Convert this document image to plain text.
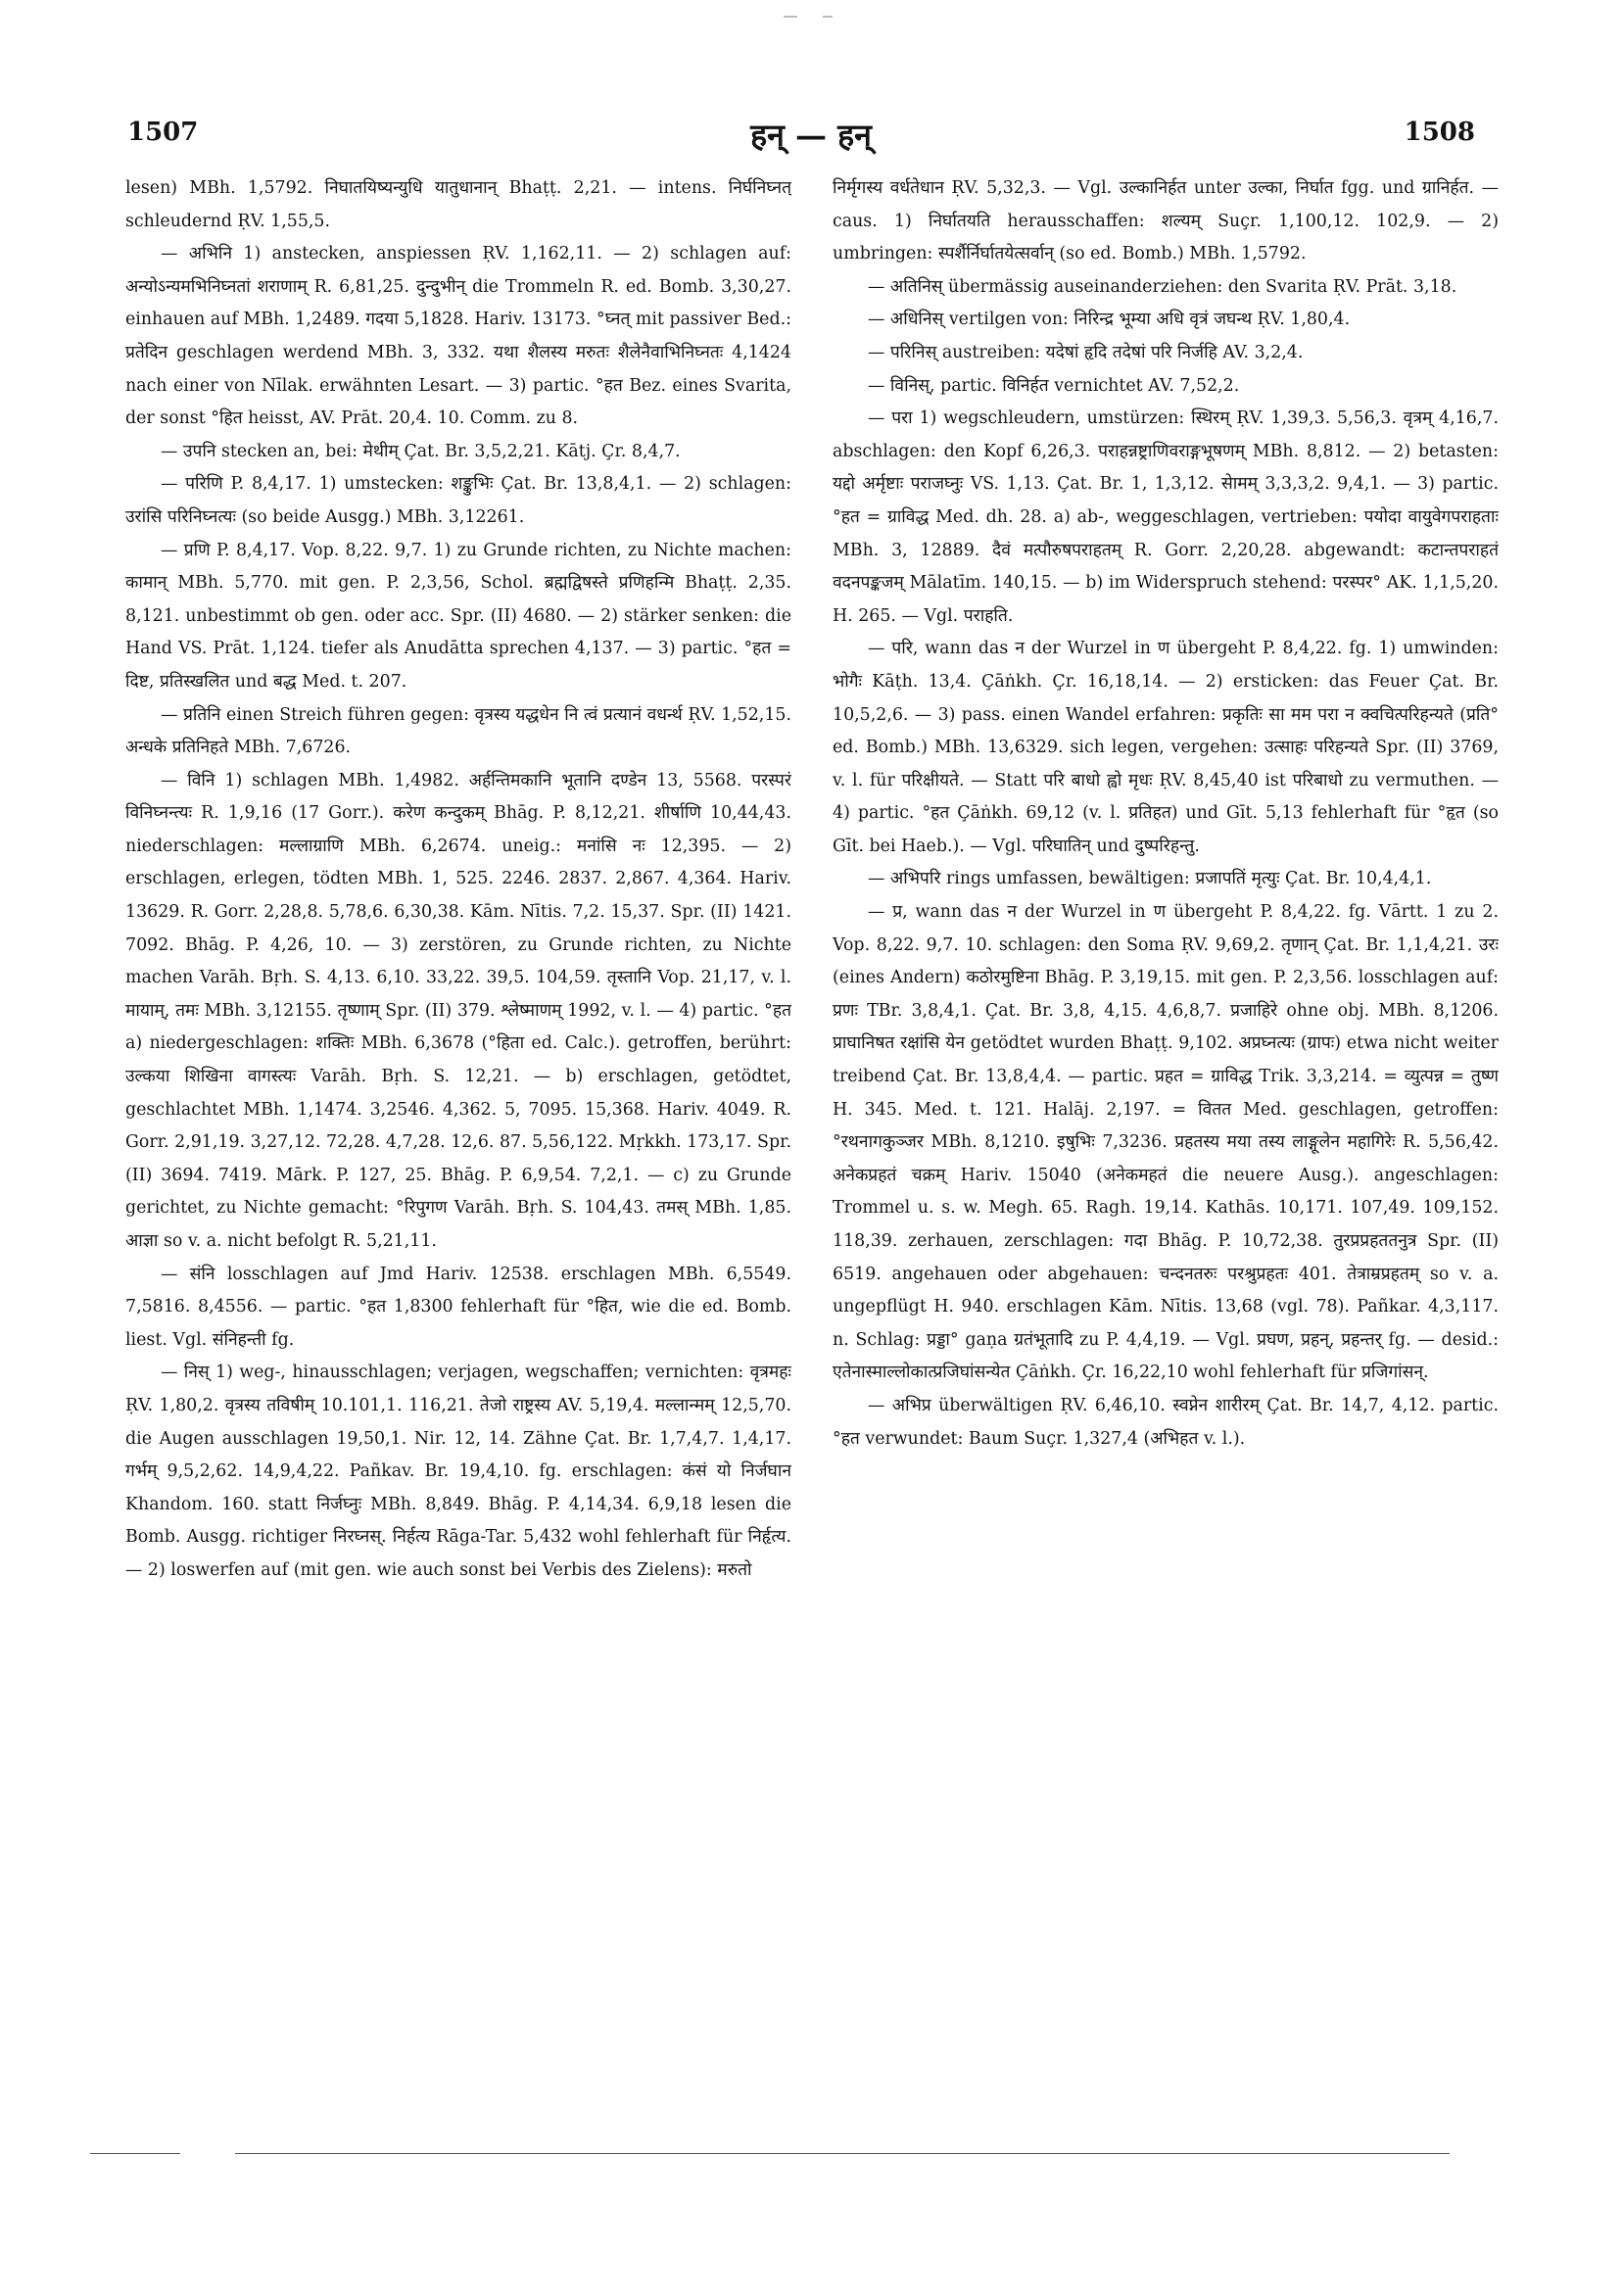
1507	हन् — हन्	1508

lesen) MBh. 1,5792. निघातयिष्यन्युधि यातुधानान् Bhaṭṭ. 2,21. — intens. निर्घनिघ्नत् schleudernd ṚV. 1,55,5.

— अभिनि 1) anstecken, anspiessen ṚV. 1,162,11. — 2) schlagen auf: अन्योऽन्यमभिनिघ्नतां शराणाम् R. 6,81,25. दुन्दुभीन् die Trommeln R. ed. Bomb. 3,30,27. einhauen auf MBh. 1,2489. गदया 5,1828. Hariv. 13173. °घ्नत् mit passiver Bed.: प्रतेदिन geschlagen werdend MBh. 3, 332. यथा शैलस्य मरुतः शैलेनैवाभिनिघ्नतः 4,1424 nach einer von Nīlak. erwähnten Lesart. — 3) partic. °हत Bez. eines Svarita, der sonst °हित heisst, AV. Prāt. 20,4. 10. Comm. zu 8.

— उपनि stecken an, bei: मेथीम् Çat. Br. 3,5,2,21. Kātj. Çr. 8,4,7.

— परिणि P. 8,4,17. 1) umstecken: शङ्कुभिः Çat. Br. 13,8,4,1. — 2) schlagen: उरांसि परिनिघ्नत्यः (so beide Ausgg.) MBh. 3,12261.

— प्रणि P. 8,4,17. Vop. 8,22. 9,7. 1) zu Grunde richten, zu Nichte machen: कामान् MBh. 5,770. mit gen. P. 2,3,56, Schol. ब्रह्मद्विषस्ते प्रणिहन्मि Bhaṭṭ. 2,35. 8,121. unbestimmt ob gen. oder acc. Spr. (II) 4680. — 2) stärker senken: die Hand VS. Prāt. 1,124. tiefer als Anudātta sprechen 4,137. — 3) partic. °हत = दिष्ट, प्रतिस्खलित und बद्ध Med. t. 207.

— प्रतिनि einen Streich führen gegen: वृत्रस्य यद्धधेन नि त्वं प्रत्यानं वधर्न्थ ṚV. 1,52,15. अन्धके प्रतिनिहते MBh. 7,6726.

— विनि 1) schlagen MBh. 1,4982. अर्हन्तिमकानि भूतानि दण्डेन 13, 5568. परस्परं विनिघ्नन्त्यः R. 1,9,16 (17 Gorr.). करेण कन्दुकम् Bhāg. P. 8,12,21. शीर्षाणि 10,44,43. niederschlagen: मल्लाग्राणि MBh. 6,2674. uneig.: मनांसि नः 12,395. — 2) erschlagen, erlegen, tödten MBh. 1, 525. 2246. 2837. 2,867. 4,364. Hariv. 13629. R. Gorr. 2,28,8. 5,78,6. 6,30,38. Kām. Nītis. 7,2. 15,37. Spr. (II) 1421. 7092. Bhāg. P. 4,26, 10. — 3) zerstören, zu Grunde richten, zu Nichte machen Varāh. Bṛh. S. 4,13. 6,10. 33,22. 39,5. 104,59. तृस्तानि Vop. 21,17, v. l. मायाम्, तमः MBh. 3,12155. तृष्णाम् Spr. (II) 379. श्लेष्माणम् 1992, v. l. — 4) partic. °हत a) niedergeschlagen: शक्तिः MBh. 6,3678 (°हिता ed. Calc.). getroffen, berührt: उल्कया शिखिना वागस्त्यः Varāh. Bṛh. S. 12,21. — b) erschlagen, getödtet, geschlachtet MBh. 1,1474. 3,2546. 4,362. 5, 7095. 15,368. Hariv. 4049. R. Gorr. 2,91,19. 3,27,12. 72,28. 4,7,28. 12,6. 87. 5,56,122. Mṛkkh. 173,17. Spr. (II) 3694. 7419. Mārk. P. 127, 25. Bhāg. P. 6,9,54. 7,2,1. — c) zu Grunde gerichtet, zu Nichte gemacht: °रिपुगण Varāh. Bṛh. S. 104,43. तमस् MBh. 1,85. आज्ञा so v. a. nicht befolgt R. 5,21,11.

— संनि losschlagen auf Jmd Hariv. 12538. erschlagen MBh. 6,5549. 7,5816. 8,4556. — partic. °हत 1,8300 fehlerhaft für °हित, wie die ed. Bomb. liest. Vgl. संनिहन्ती fg.

— निस् 1) weg-, hinausschlagen; verjagen, wegschaffen; vernichten: वृत्रमहः ṚV. 1,80,2. वृत्रस्य तविषीम् 10.101,1. 116,21. तेजो राष्ट्रस्य AV. 5,19,4. मल्लान्मम् 12,5,70. die Augen ausschlagen 19,50,1. Nir. 12, 14. Zähne Çat. Br. 1,7,4,7. 1,4,17. गर्भम् 9,5,2,62. 14,9,4,22. Pañkav. Br. 19,4,10. fg. erschlagen: कंसं यो निर्जघान Khandom. 160. statt निर्जघ्नुः MBh. 8,849. Bhāg. P. 4,14,34. 6,9,18 lesen die Bomb. Ausgg. richtiger निरघ्नस्. निर्हत्य Rāga-Tar. 5,432 wohl fehlerhaft für निर्हृत्य. — 2) loswerfen auf (mit gen. wie auch sonst bei Verbis des Zielens): मरुतो

निर्मृगस्य वर्धतेधान ṚV. 5,32,3. — Vgl. उल्कानिर्हत unter उल्का, निर्घात fgg. und ग्रानिर्हत. — caus. 1) निर्घातयति herausschaffen: शल्यम् Suçr. 1,100,12. 102,9. — 2) umbringen: स्पर्शैर्निर्घातयेत्सर्वान् (so ed. Bomb.) MBh. 1,5792.

— अतिनिस् übermässig auseinanderziehen: den Svarita ṚV. Prāt. 3,18.

— अधिनिस् vertilgen von: निरिन्द्र भूम्या अधि वृत्रं जघन्थ ṚV. 1,80,4.

— परिनिस् austreiben: यदेषां हृदि तदेषां परि निर्जहि AV. 3,2,4.

— विनिस्, partic. विनिर्हत vernichtet AV. 7,52,2.

— परा 1) wegschleudern, umstürzen: स्थिरम् ṚV. 1,39,3. 5,56,3. वृत्रम् 4,16,7. abschlagen: den Kopf 6,26,3. पराहन्नष्ट्राणिवराङ्गभूषणम् MBh. 8,812. — 2) betasten: यद्दो अर्मृष्टाः पराजघ्नुः VS. 1,13. Çat. Br. 1, 1,3,12. सेामम् 3,3,3,2. 9,4,1. — 3) partic. °हत = ग्राविद्ध Med. dh. 28. a) ab-, weggeschlagen, vertrieben: पयोदा वायुवेगपराहताः MBh. 3, 12889. दैवं मत्पौरुषपराहतम् R. Gorr. 2,20,28. abgewandt: कटान्तपराहतं वदनपङ्कजम् Mālatīm. 140,15. — b) im Widerspruch stehend: परस्पर° AK. 1,1,5,20. H. 265. — Vgl. पराहति.

— परि, wann das न der Wurzel in ण übergeht P. 8,4,22. fg. 1) umwinden: भोगैः Kāṭh. 13,4. Çāṅkh. Çr. 16,18,14. — 2) ersticken: das Feuer Çat. Br. 10,5,2,6. — 3) pass. einen Wandel erfahren: प्रकृतिः सा मम परा न क्वचित्परिहन्यते (प्रति° ed. Bomb.) MBh. 13,6329. sich legen, vergehen: उत्साहः परिहन्यते Spr. (II) 3769, v. l. für परिक्षीयते. — Statt परि बाधो ह्वो मृधः ṚV. 8,45,40 ist परिबाधो zu vermuthen. — 4) partic. °हत Çāṅkh. 69,12 (v. l. प्रतिहत) und Gīt. 5,13 fehlerhaft für °हृत (so Gīt. bei Haeb.). — Vgl. परिघातिन् und दुष्परिहन्तु.

— अभिपरि rings umfassen, bewältigen: प्रजापतिं मृत्युः Çat. Br. 10,4,4,1.

— प्र, wann das न der Wurzel in ण übergeht P. 8,4,22. fg. Vārtt. 1 zu 2. Vop. 8,22. 9,7. 10. schlagen: den Soma ṚV. 9,69,2. तृणान् Çat. Br. 1,1,4,21. उरः (eines Andern) कठोरमुष्टिना Bhāg. P. 3,19,15. mit gen. P. 2,3,56. losschlagen auf: प्रणः TBr. 3,8,4,1. Çat. Br. 3,8, 4,15. 4,6,8,7. प्रजाहिरे ohne obj. MBh. 8,1206. प्राघानिषत रक्षांसि येन getödtet wurden Bhaṭṭ. 9,102. अप्रघ्नत्यः (ग्रापः) etwa nicht weiter treibend Çat. Br. 13,8,4,4. — partic. प्रहत = ग्राविद्ध Trik. 3,3,214. = व्युत्पन्न = तुष्ण H. 345. Med. t. 121. Halāj. 2,197. = वितत Med. geschlagen, getroffen: °रथनागकुञ्जर MBh. 8,1210. इषुभिः 7,3236. प्रहतस्य मया तस्य लाङ्गूलेन महागिरेः R. 5,56,42. अनेकप्रहतं चक्रम् Hariv. 15040 (अनेकमहतं die neuere Ausg.). angeschlagen: Trommel u. s. w. Megh. 65. Ragh. 19,14. Kathās. 10,171. 107,49. 109,152. 118,39. zerhauen, zerschlagen: गदा Bhāg. P. 10,72,38. तुरप्रप्रहततनुत्र Spr. (II) 6519. angehauen oder abgehauen: चन्दनतरुः परश्रुप्रहतः 401. तेत्राम्रप्रहतम् so v. a. ungepflügt H. 940. erschlagen Kām. Nītis. 13,68 (vgl. 78). Pañkar. 4,3,117. n. Schlag: प्रड्डा° gaṇa ग्रतंभूतादि zu P. 4,4,19. — Vgl. प्रघण, प्रहन्, प्रहन्तर् fg. — desid.: एतेनास्माल्लोकात्प्रजिघांसन्येत Çāṅkh. Çr. 16,22,10 wohl fehlerhaft für प्रजिगांसन्.

— अभिप्र überwältigen ṚV. 6,46,10. स्वप्नेन शारीरम् Çat. Br. 14,7, 4,12. partic. °हत verwundet: Baum Suçr. 1,327,4 (अभिहत v. l.).
